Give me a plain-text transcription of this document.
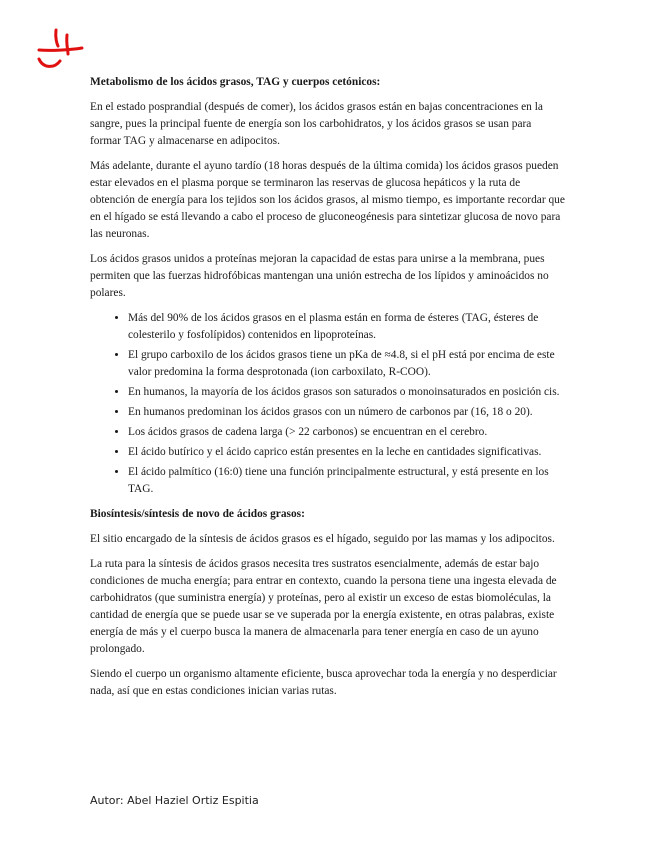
Metabolismo de los ácidos grasos, TAG y cuerpos cetónicos:

En el estado posprandial (después de comer), los ácidos grasos están en bajas concentraciones en la sangre, pues la principal fuente de energía son los carbohidratos, y los ácidos grasos se usan para formar TAG y almacenarse en adipocitos.

Más adelante, durante el ayuno tardío (18 horas después de la última comida) los ácidos grasos pueden estar elevados en el plasma porque se terminaron las reservas de glucosa hepáticos y la ruta de obtención de energía para los tejidos son los ácidos grasos, al mismo tiempo, es importante recordar que en el hígado se está llevando a cabo el proceso de gluconeogénesis para sintetizar glucosa de novo para las neuronas.

Los ácidos grasos unidos a proteínas mejoran la capacidad de estas para unirse a la membrana, pues permiten que las fuerzas hidrofóbicas mantengan una unión estrecha de los lípidos y aminoácidos no polares.

• Más del 90% de los ácidos grasos en el plasma están en forma de ésteres (TAG, ésteres de colesterilo y fosfolípidos) contenidos en lipoproteínas.
• El grupo carboxilo de los ácidos grasos tiene un pKa de ≈4.8, si el pH está por encima de este valor predomina la forma desprotonada (ion carboxilato, R-COO).
• En humanos, la mayoría de los ácidos grasos son saturados o monoinsaturados en posición cis.
• En humanos predominan los ácidos grasos con un número de carbonos par (16, 18 o 20).
• Los ácidos grasos de cadena larga (> 22 carbonos) se encuentran en el cerebro.
• El ácido butírico y el ácido caprico están presentes en la leche en cantidades significativas.
• El ácido palmítico (16:0) tiene una función principalmente estructural, y está presente en los TAG.
Biosíntesis/síntesis de novo de ácidos grasos:

El sitio encargado de la síntesis de ácidos grasos es el hígado, seguido por las mamas y los adipocitos.

La ruta para la síntesis de ácidos grasos necesita tres sustratos esencialmente, además de estar bajo condiciones de mucha energía; para entrar en contexto, cuando la persona tiene una ingesta elevada de carbohidratos (que suministra energía) y proteínas, pero al existir un exceso de estas biomoléculas, la cantidad de energía que se puede usar se ve superada por la energía existente, en otras palabras, existe energía de más y el cuerpo busca la manera de almacenarla para tener energía en caso de un ayuno prolongado.

Siendo el cuerpo un organismo altamente eficiente, busca aprovechar toda la energía y no desperdiciar nada, así que en estas condiciones inician varias rutas.

Autor: Abel Haziel Ortiz Espitia
